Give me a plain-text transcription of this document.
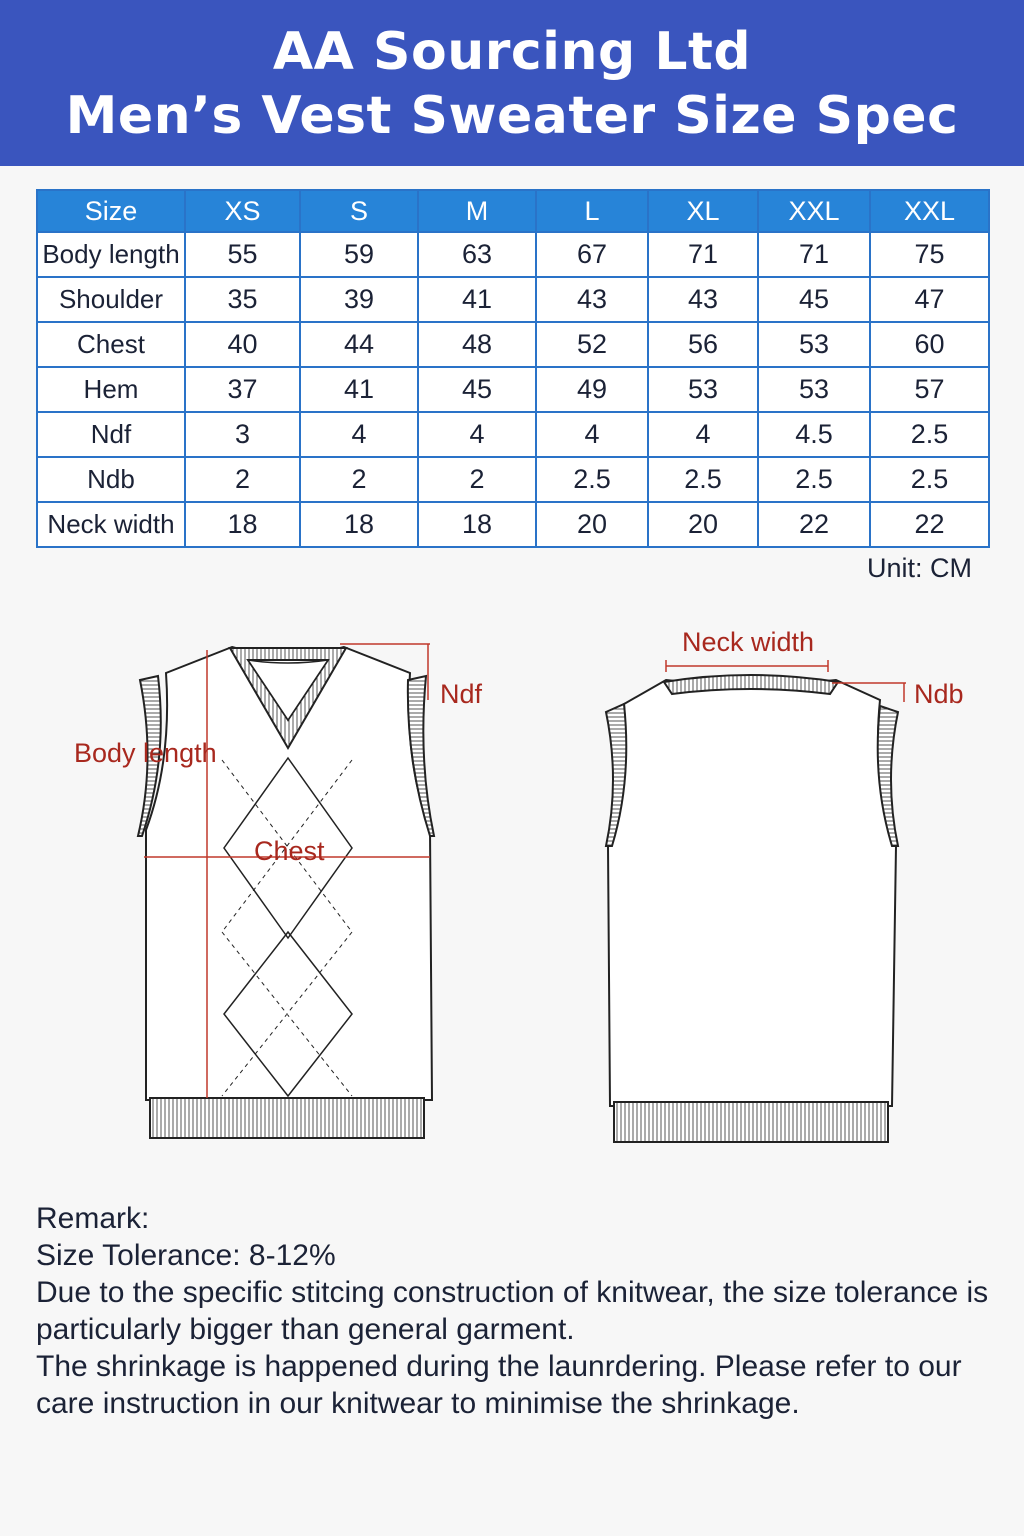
AA Sourcing Ltd
Men’s Vest Sweater Size Spec
Size	XS	S	M	L	XL	XXL	XXL
Body length	55	59	63	67	71	71	75
Shoulder	35	39	41	43	43	45	47
Chest	40	44	48	52	56	53	60
Hem	37	41	45	49	53	53	57
Ndf	3	4	4	4	4	4.5	2.5
Ndb	2	2	2	2.5	2.5	2.5	2.5
Neck width	18	18	18	20	20	22	22
Unit: CM
Body length
Ndf
Chest
Neck width
Ndb

Remark:

Size Tolerance: 8-12%

Due to the specific stitcing construction of knitwear, the size tolerance is particularly bigger than general garment.

The shrinkage is happened during the launrdering. Please refer to our care instruction in our knitwear to minimise the shrinkage.
